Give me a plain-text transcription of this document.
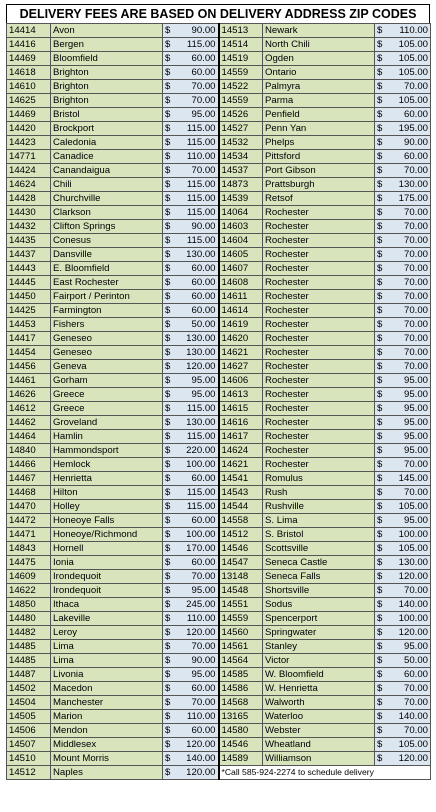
DELIVERY FEES ARE BASED ON DELIVERY ADDRESS ZIP CODES
14414	Avon	$ 90.00	14513	Newark	$ 110.00

14416	Bergen	$ 115.00	14514	North Chili	$ 105.00

14469	Bloomfield	$ 60.00	14519	Ogden	$ 105.00

14618	Brighton	$ 60.00	14559	Ontario	$ 105.00

14610	Brighton	$ 70.00	14522	Palmyra	$ 70.00

14625	Brighton	$ 70.00	14559	Parma	$ 105.00

14469	Bristol	$ 95.00	14526	Penfield	$ 60.00

14420	Brockport	$ 115.00	14527	Penn Yan	$ 195.00

14423	Caledonia	$ 115.00	14532	Phelps	$ 90.00

14771	Canadice	$ 110.00	14534	Pittsford	$ 60.00

14424	Canandaigua	$ 70.00	14537	Port Gibson	$ 70.00

14624	Chili	$ 115.00	14873	Prattsburgh	$ 130.00

14428	Churchville	$ 115.00	14539	Retsof	$ 175.00

14430	Clarkson	$ 115.00	14064	Rochester	$ 70.00

14432	Clifton Springs	$ 90.00	14603	Rochester	$ 70.00

14435	Conesus	$ 115.00	14604	Rochester	$ 70.00

14437	Dansville	$ 130.00	14605	Rochester	$ 70.00

14443	E. Bloomfield	$ 60.00	14607	Rochester	$ 70.00

14445	East Rochester	$ 60.00	14608	Rochester	$ 70.00

14450	Fairport / Perinton	$ 60.00	14611	Rochester	$ 70.00

14425	Farmington	$ 60.00	14614	Rochester	$ 70.00

14453	Fishers	$ 50.00	14619	Rochester	$ 70.00

14417	Geneseo	$ 130.00	14620	Rochester	$ 70.00

14454	Geneseo	$ 130.00	14621	Rochester	$ 70.00

14456	Geneva	$ 120.00	14627	Rochester	$ 70.00

14461	Gorham	$ 95.00	14606	Rochester	$ 95.00

14626	Greece	$ 95.00	14613	Rochester	$ 95.00

14612	Greece	$ 115.00	14615	Rochester	$ 95.00

14462	Groveland	$ 130.00	14616	Rochester	$ 95.00

14464	Hamlin	$ 115.00	14617	Rochester	$ 95.00

14840	Hammondsport	$ 220.00	14624	Rochester	$ 95.00

14466	Hemlock	$ 100.00	14621	Rochester	$ 70.00

14467	Henrietta	$ 60.00	14541	Romulus	$ 145.00

14468	Hilton	$ 115.00	14543	Rush	$ 70.00

14470	Holley	$ 115.00	14544	Rushville	$ 105.00

14472	Honeoye Falls	$ 60.00	14558	S. Lima	$ 95.00

14471	Honeoye/Richmond	$ 100.00	14512	S. Bristol	$ 100.00

14843	Hornell	$ 170.00	14546	Scottsville	$ 105.00

14475	Ionia	$ 60.00	14547	Seneca Castle	$ 130.00

14609	Irondequoit	$ 70.00	13148	Seneca Falls	$ 120.00

14622	Irondequoit	$ 95.00	14548	Shortsville	$ 70.00

14850	Ithaca	$ 245.00	14551	Sodus	$ 140.00

14480	Lakeville	$ 110.00	14559	Spencerport	$ 100.00

14482	Leroy	$ 120.00	14560	Springwater	$ 120.00

14485	Lima	$ 70.00	14561	Stanley	$ 95.00

14485	Lima	$ 90.00	14564	Victor	$ 50.00

14487	Livonia	$ 95.00	14585	W. Bloomfield	$ 60.00

14502	Macedon	$ 60.00	14586	W. Henrietta	$ 70.00

14504	Manchester	$ 70.00	14568	Walworth	$ 70.00

14505	Marion	$ 110.00	13165	Waterloo	$ 140.00

14506	Mendon	$ 60.00	14580	Webster	$ 70.00

14507	Middlesex	$ 120.00	14546	Wheatland	$ 105.00

14510	Mount Morris	$ 140.00	14589	Williamson	$ 120.00

14512	Naples	$ 120.00	*Call 585-924-2274 to schedule delivery		
